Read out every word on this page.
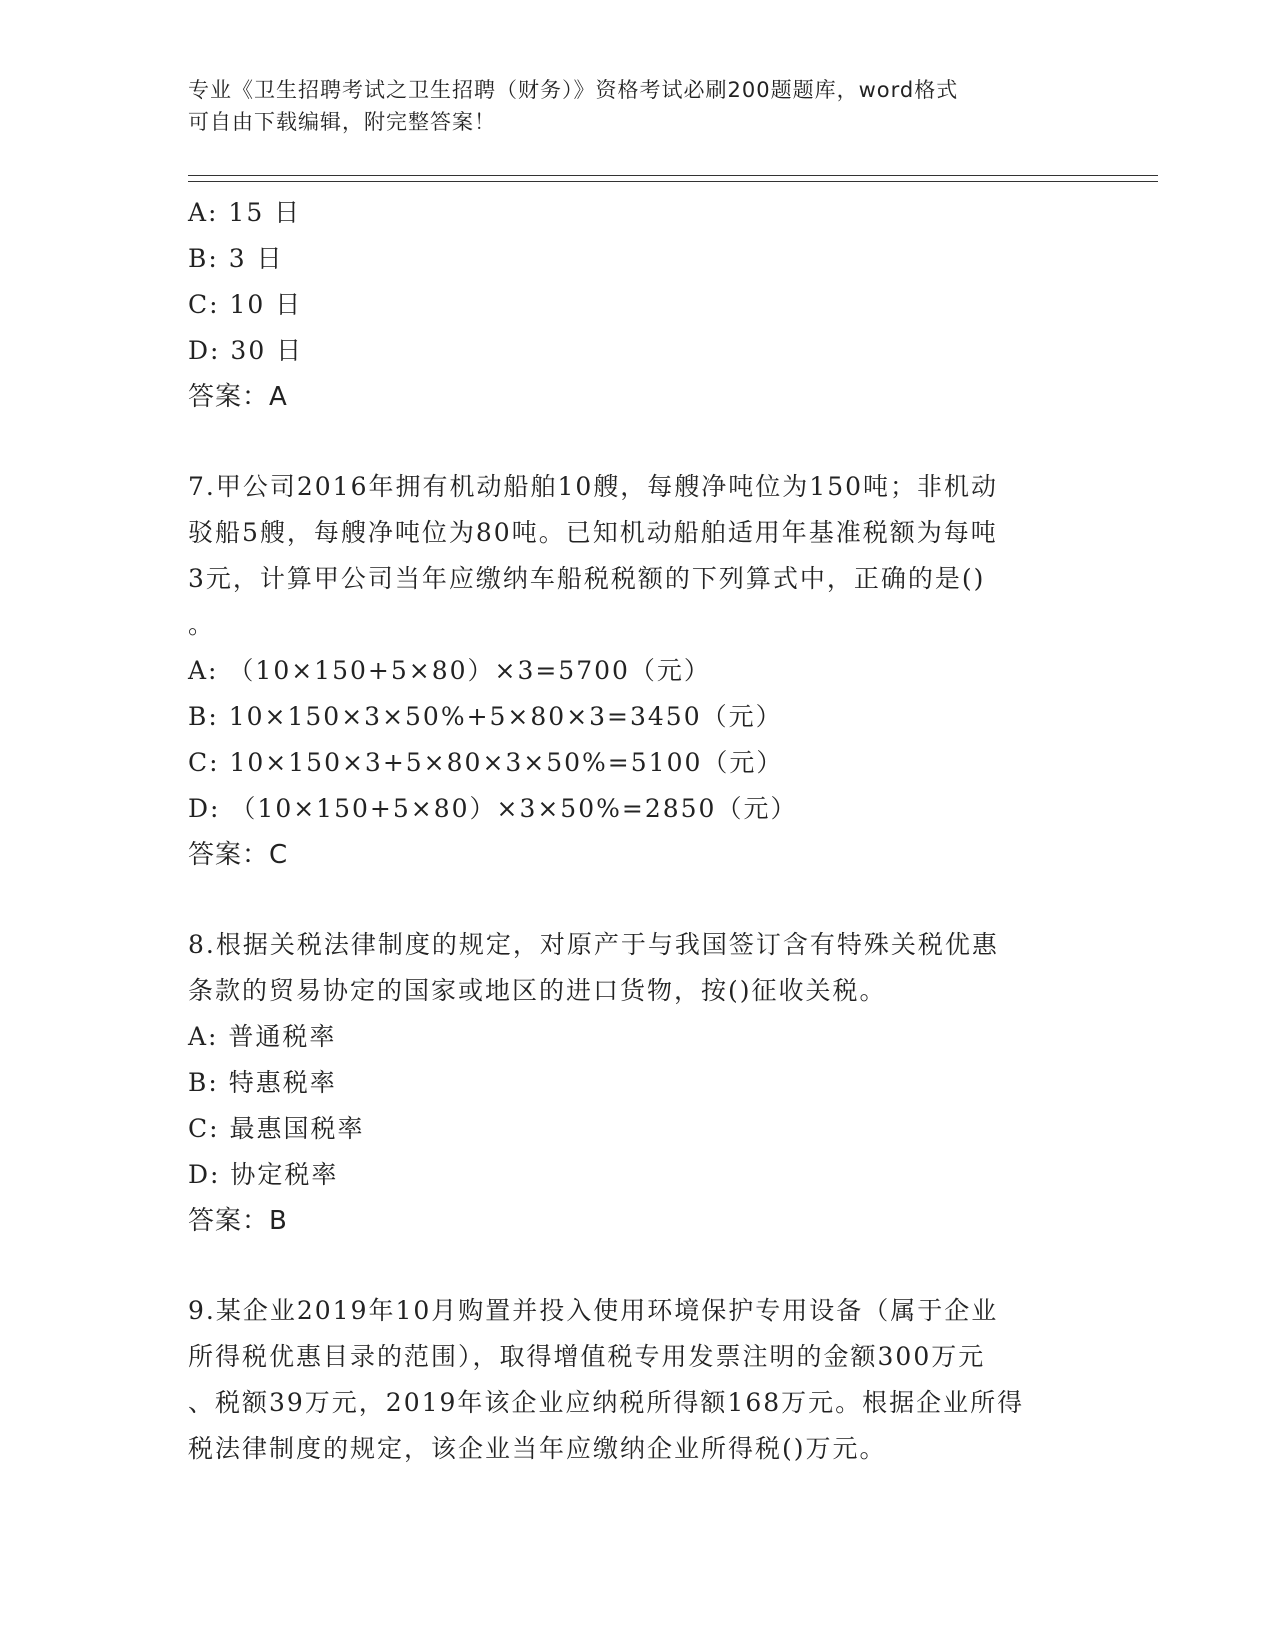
专业《卫生招聘考试之卫生招聘（财务）》资格考试必刷200题题库，word格式
可自由下载编辑，附完整答案！
A: 15 日
B: 3 日
C: 10 日
D: 30 日
答案：A
7.甲公司2016年拥有机动船舶10艘，每艘净吨位为150吨；非机动
驳船5艘，每艘净吨位为80吨。已知机动船舶适用年基准税额为每吨
3元，计算甲公司当年应缴纳车船税税额的下列算式中，正确的是()
。
A: （10×150+5×80）×3=5700（元）
B: 10×150×3×50%+5×80×3=3450（元）
C: 10×150×3+5×80×3×50%=5100（元）
D: （10×150+5×80）×3×50%=2850（元）
答案：C
8.根据关税法律制度的规定，对原产于与我国签订含有特殊关税优惠
条款的贸易协定的国家或地区的进口货物，按()征收关税。
A: 普通税率
B: 特惠税率
C: 最惠国税率
D: 协定税率
答案：B
9.某企业2019年10月购置并投入使用环境保护专用设备（属于企业
所得税优惠目录的范围），取得增值税专用发票注明的金额300万元
、税额39万元，2019年该企业应纳税所得额168万元。根据企业所得
税法律制度的规定，该企业当年应缴纳企业所得税()万元。
